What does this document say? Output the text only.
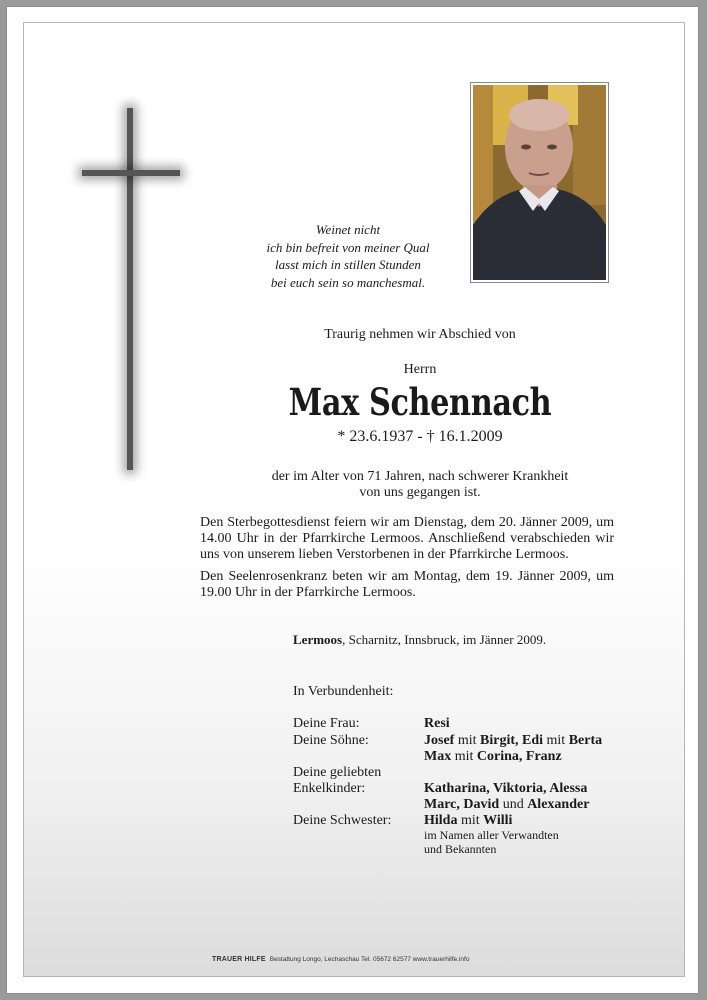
Weinet nicht
ich bin befreit von meiner Qual
lasst mich in stillen Stunden
bei euch sein so manchesmal.
Traurig nehmen wir Abschied von
Herrn
Max Schennach
* 23.6.1937 - † 16.1.2009
der im Alter von 71 Jahren, nach schwerer Krankheit
von uns gegangen ist.
Den Sterbegottesdienst feiern wir am Dienstag, dem 20. Jänner 2009, um 14.00 Uhr in der Pfarrkirche Lermoos. Anschließend verabschieden wir uns von unserem lieben Verstorbenen in der Pfarrkirche Lermoos.
Den Seelenrosenkranz beten wir am Montag, dem 19. Jänner 2009, um 19.00 Uhr in der Pfarrkirche Lermoos.
Lermoos, Scharnitz, Innsbruck, im Jänner 2009.
In Verbundenheit:
Deine Frau:	Resi
Deine Söhne:	Josef mit Birgit, Edi mit Berta
Max mit Corina, Franz
Deine geliebten
Enkelkinder:	Katharina, Viktoria, Alessa
Marc, David und Alexander
Deine Schwester: Hilda mit Willi
im Namen aller Verwandten
und Bekannten
TRAUER HILFE Bestattung Longo, Lechaschau Tel. 05672 62577 www.trauerhilfe.info
